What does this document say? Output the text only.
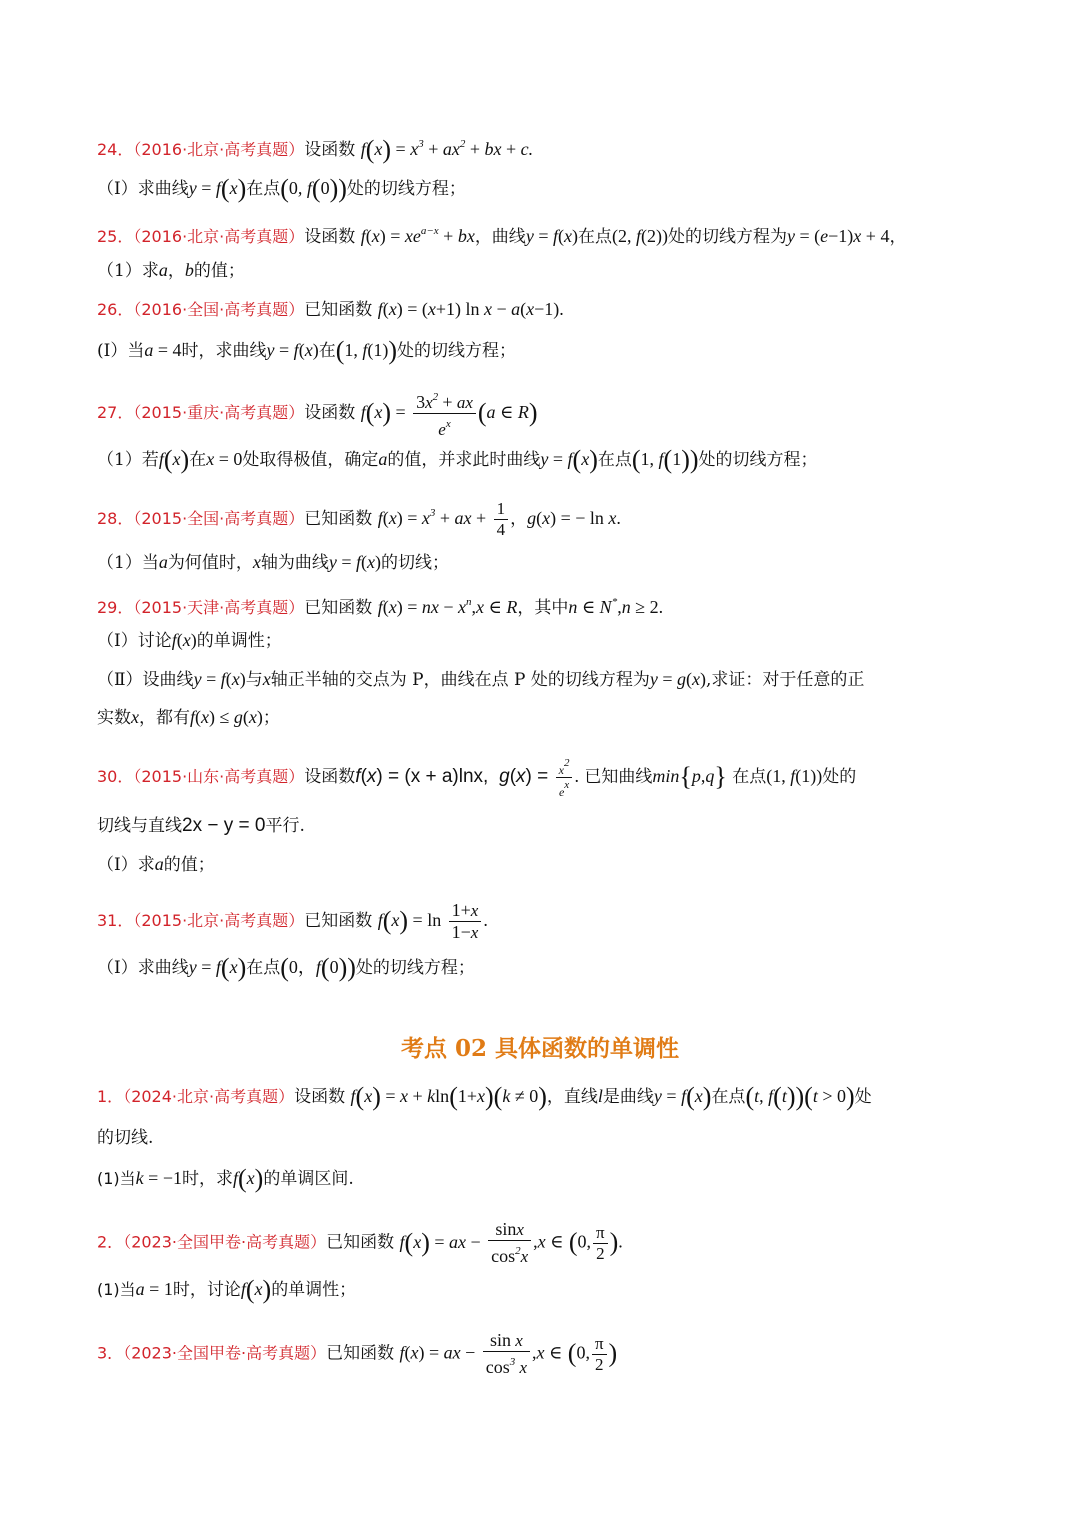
24．（2016·北京·高考真题）设函数 $f(x) = x^3 + ax^2$ + bx + c.
（Ⅰ）求曲线y = f(x)在点(0, f(0))处的切线方程；
25．（2016·北京·高考真题）设函数 $f(x) = xe^{a-x}$ + bx，曲线y = f(x)在点(2, f(2))处的切线方程为y = (e−1)x + 4，
（1）求a，b的值；
26．（2016·全国·高考真题）已知函数 f(x) = (x+1) ln x − a(x−1).
(I）当a = 4时，求曲线y = f(x)在(1, f(1))处的切线方程；
27．（2015·重庆·高考真题）设函数 $f(x) = \frac{3x^2 + ax}{e^x} (a$ ∈ R)
（1）若f(x)在x = 0处取得极值，确定a的值，并求此时曲线y = f(x)在点(1, f(1))处的切线方程；
28．（2015·全国·高考真题）已知函数 $f(x) = x^3$ + ax + $\frac{1}{4}$ ，g(x) = − ln x.
（1）当a为何值时，x轴为曲线y = f(x)的切线；
29．（2015·天津·高考真题）已知函数 f(x) = nx − $x^n,x$ ∈ R，其中n ∈ N*,n ≥ 2.
（Ⅰ）讨论f(x)的单调性；
（Ⅱ）设曲线y = f(x)与x轴正半轴的交点为 P，曲线在点 P 处的切线方程为y = g(x),求证：对于任意的正
实数x，都有f(x) ≤ g(x)；
30．（2015·山东·高考真题）设函数f(x) = (x + a)lnx, $g(x) = \frac{x2}{ex}$ . 已知曲线min{p,q} 在点(1, f(1))处的
切线与直线2x − y = 0平行.
（Ⅰ）求a的值；
31．（2015·北京·高考真题）已知函数 $f(x) = \ln \frac{1+x}{1-x}$ .
（Ⅰ）求曲线y = f(x)在点(0，f(0))处的切线方程；
考点 02 具体函数的单调性
1．（2024·北京·高考真题）设函数 f(x) = x + kln(1+x)(k ≠ 0)，直线l是曲线y = f(x)在点(t, f(t))(t > 0)处
的切线.
(1)当k = −1时，求f(x)的单调区间.
2．（2023·全国甲卷·高考真题）已知函数 f(x) = ax − $\frac{\sin x}{\cos^2x} ,x$ ∈ (0, $\frac{\pi}{2}$ ).
(1)当a = 1时，讨论f(x)的单调性；
3．（2023·全国甲卷·高考真题）已知函数 f(x) = ax − $\frac{\text{sin x}}{\cos^3 x} ,x$ ∈ (0, $\frac{\pi}{2}$ )
